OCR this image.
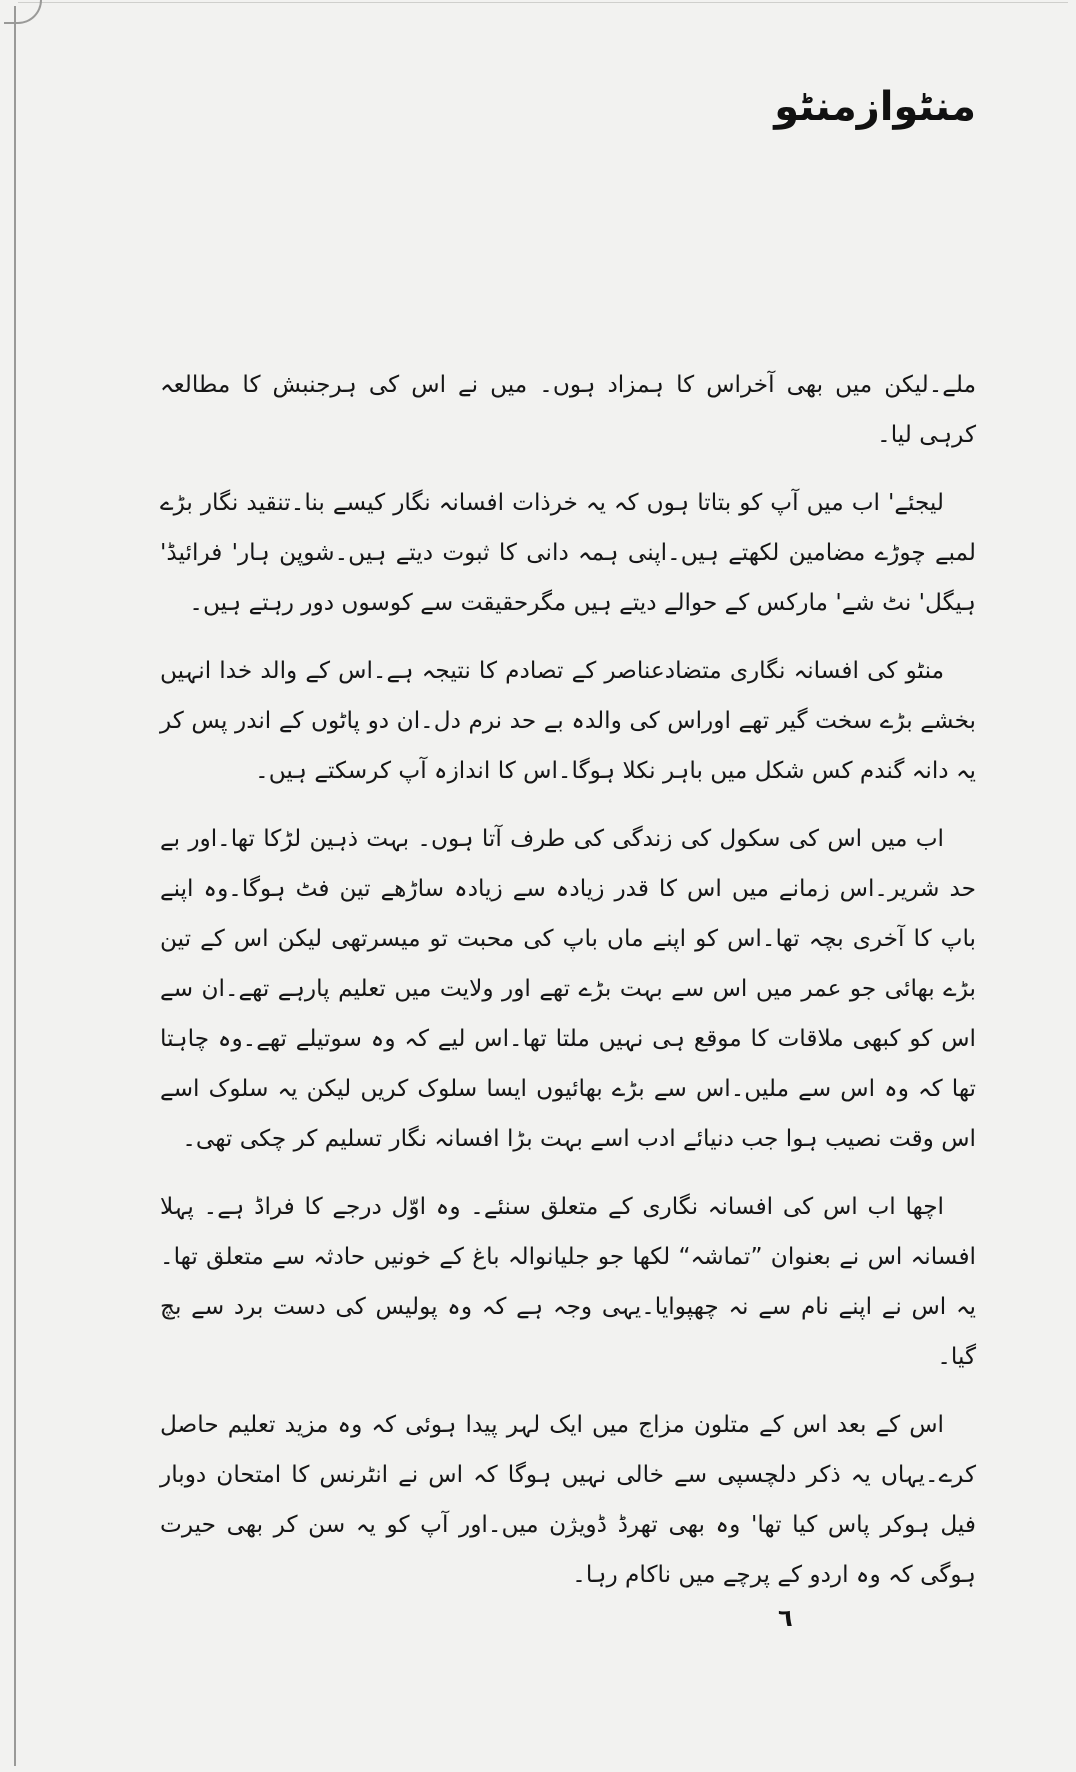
منٹوازمنٹو

ملے۔لیکن میں بھی آخراس کا ہمزاد ہوں۔ میں نے اس کی ہرجنبش کا مطالعہ کرہی لیا۔

لیجئے' اب میں آپ کو بتاتا ہوں کہ یہ خرذات افسانہ نگار کیسے بنا۔تنقید نگار بڑے لمبے چوڑے مضامین لکھتے ہیں۔اپنی ہمہ دانی کا ثبوت دیتے ہیں۔شوپن ہار' فرائیڈ' ہیگل' نٹ شے' مارکس کے حوالے دیتے ہیں مگرحقیقت سے کوسوں دور رہتے ہیں۔

منٹو کی افسانہ نگاری متضادعناصر کے تصادم کا نتیجہ ہے۔اس کے والد خدا انہیں بخشے بڑے سخت گیر تھے اوراس کی والدہ بے حد نرم دل۔ان دو پاٹوں کے اندر پس کر یہ دانہ گندم کس شکل میں باہر نکلا ہوگا۔اس کا اندازہ آپ کرسکتے ہیں۔

اب میں اس کی سکول کی زندگی کی طرف آتا ہوں۔ بہت ذہین لڑکا تھا۔اور بے حد شریر۔اس زمانے میں اس کا قدر زیادہ سے زیادہ ساڑھے تین فٹ ہوگا۔وہ اپنے باپ کا آخری بچہ تھا۔اس کو اپنے ماں باپ کی محبت تو میسرتھی لیکن اس کے تین بڑے بھائی جو عمر میں اس سے بہت بڑے تھے اور ولایت میں تعلیم پارہے تھے۔ان سے اس کو کبھی ملاقات کا موقع ہی نہیں ملتا تھا۔اس لیے کہ وہ سوتیلے تھے۔وہ چاہتا تھا کہ وہ اس سے ملیں۔اس سے بڑے بھائیوں ایسا سلوک کریں لیکن یہ سلوک اسے اس وقت نصیب ہوا جب دنیائے ادب اسے بہت بڑا افسانہ نگار تسلیم کر چکی تھی۔

اچھا اب اس کی افسانہ نگاری کے متعلق سنئے۔ وہ اوّل درجے کا فراڈ ہے۔ پہلا افسانہ اس نے بعنوان ”تماشہ“ لکھا جو جلیانوالہ باغ کے خونیں حادثہ سے متعلق تھا۔ یہ اس نے اپنے نام سے نہ چھپوایا۔یہی وجہ ہے کہ وہ پولیس کی دست برد سے بچ گیا۔

اس کے بعد اس کے متلون مزاج میں ایک لہر پیدا ہوئی کہ وہ مزید تعلیم حاصل کرے۔یہاں یہ ذکر دلچسپی سے خالی نہیں ہوگا کہ اس نے انٹرنس کا امتحان دوبار فیل ہوکر پاس کیا تھا' وہ بھی تھرڈ ڈویژن میں۔اور آپ کو یہ سن کر بھی حیرت ہوگی کہ وہ اردو کے پرچے میں ناکام رہا۔

٦
